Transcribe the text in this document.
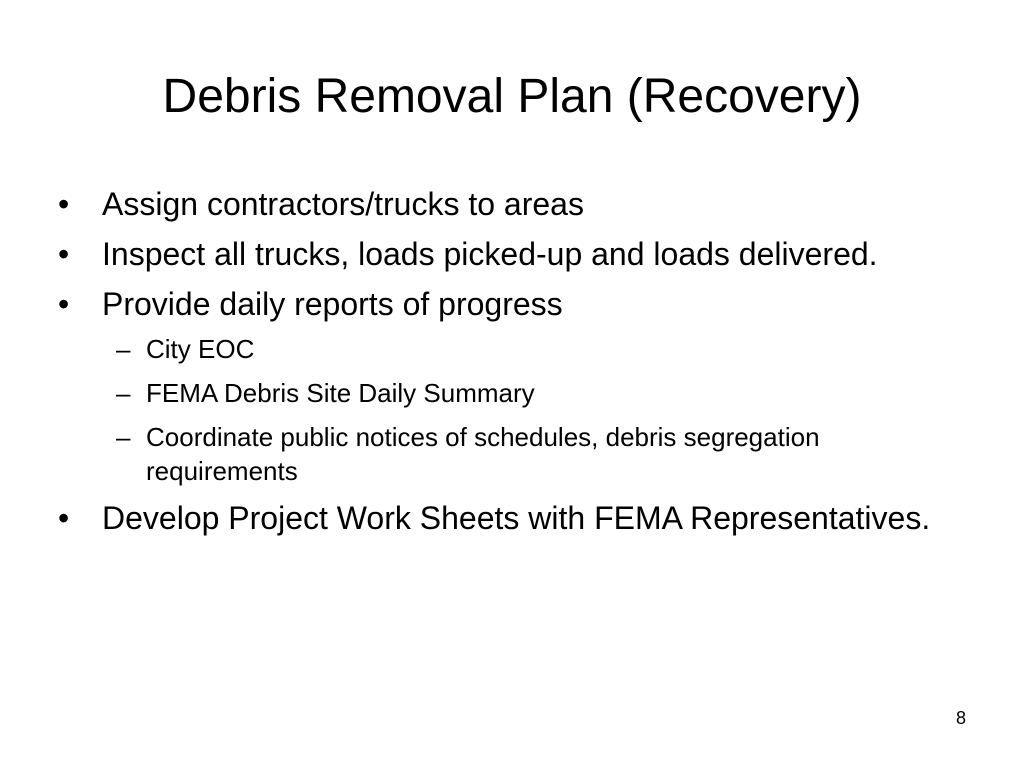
Debris Removal Plan (Recovery)
• Assign contractors/trucks to areas
• Inspect all trucks, loads picked-up and loads delivered.
• Provide daily reports of progress
– City EOC
– FEMA Debris Site Daily Summary
– Coordinate public notices of schedules, debris segregation requirements
• Develop Project Work Sheets with FEMA Representatives.
8
